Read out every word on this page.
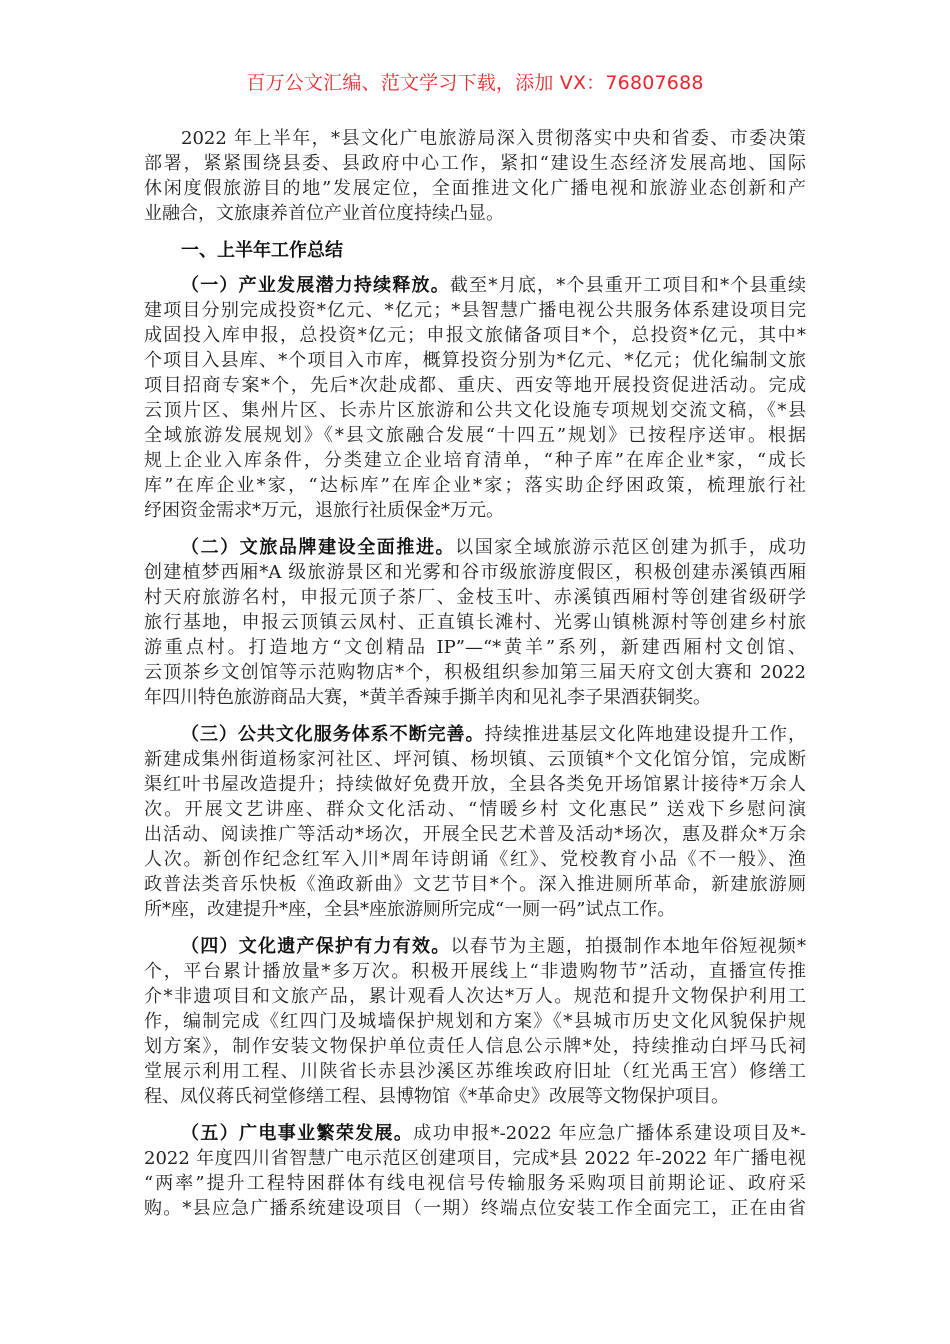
百万公文汇编、范文学习下载，添加 VX：76807688
2022 年上半年，*县文化广电旅游局深入贯彻落实中央和省委、市委决策
部署，紧紧围绕县委、县政府中心工作，紧扣“建设生态经济发展高地、国际
休闲度假旅游目的地”发展定位，全面推进文化广播电视和旅游业态创新和产
业融合，文旅康养首位产业首位度持续凸显。
一、上半年工作总结
（一）产业发展潜力持续释放。截至*月底，*个县重开工项目和*个县重续
建项目分别完成投资*亿元、*亿元；*县智慧广播电视公共服务体系建设项目完
成固投入库申报，总投资*亿元；申报文旅储备项目*个，总投资*亿元，其中*
个项目入县库、*个项目入市库，概算投资分别为*亿元、*亿元；优化编制文旅
项目招商专案*个，先后*次赴成都、重庆、西安等地开展投资促进活动。完成
云顶片区、集州片区、长赤片区旅游和公共文化设施专项规划交流文稿，《*县
全域旅游发展规划》《*县文旅融合发展“十四五”规划》已按程序送审。根据
规上企业入库条件，分类建立企业培育清单，“种子库”在库企业*家，“成长
库”在库企业*家，“达标库”在库企业*家；落实助企纾困政策，梳理旅行社
纾困资金需求*万元，退旅行社质保金*万元。
（二）文旅品牌建设全面推进。以国家全域旅游示范区创建为抓手，成功
创建植梦西厢*A 级旅游景区和光雾和谷市级旅游度假区，积极创建赤溪镇西厢
村天府旅游名村，申报元顶子茶厂、金枝玉叶、赤溪镇西厢村等创建省级研学
旅行基地，申报云顶镇云凤村、正直镇长滩村、光雾山镇桃源村等创建乡村旅
游重点村。打造地方“文创精品 IP”—“*黄羊”系列，新建西厢村文创馆、
云顶茶乡文创馆等示范购物店*个，积极组织参加第三届天府文创大赛和 2022
年四川特色旅游商品大赛，*黄羊香辣手撕羊肉和见礼李子果酒获铜奖。
（三）公共文化服务体系不断完善。持续推进基层文化阵地建设提升工作，
新建成集州街道杨家河社区、坪河镇、杨坝镇、云顶镇*个文化馆分馆，完成断
渠红叶书屋改造提升；持续做好免费开放，全县各类免开场馆累计接待*万余人
次。开展文艺讲座、群众文化活动、“情暖乡村 文化惠民” 送戏下乡慰问演
出活动、阅读推广等活动*场次，开展全民艺术普及活动*场次，惠及群众*万余
人次。新创作纪念红军入川*周年诗朗诵《红》、党校教育小品《不一般》、渔
政普法类音乐快板《渔政新曲》文艺节目*个。深入推进厕所革命，新建旅游厕
所*座，改建提升*座，全县*座旅游厕所完成“一厕一码”试点工作。
（四）文化遗产保护有力有效。以春节为主题，拍摄制作本地年俗短视频*
个，平台累计播放量*多万次。积极开展线上“非遗购物节”活动，直播宣传推
介*非遗项目和文旅产品，累计观看人次达*万人。规范和提升文物保护利用工
作，编制完成《红四门及城墙保护规划和方案》《*县城市历史文化风貌保护规
划方案》，制作安装文物保护单位责任人信息公示牌*处，持续推动白坪马氏祠
堂展示利用工程、川陕省长赤县沙溪区苏维埃政府旧址（红光禹王宫）修缮工
程、凤仪蒋氏祠堂修缮工程、县博物馆《*革命史》改展等文物保护项目。
（五）广电事业繁荣发展。成功申报*-2022 年应急广播体系建设项目及*-
2022 年度四川省智慧广电示范区创建项目，完成*县 2022 年-2022 年广播电视
“两率”提升工程特困群体有线电视信号传输服务采购项目前期论证、政府采
购。*县应急广播系统建设项目（一期）终端点位安装工作全面完工，正在由省
